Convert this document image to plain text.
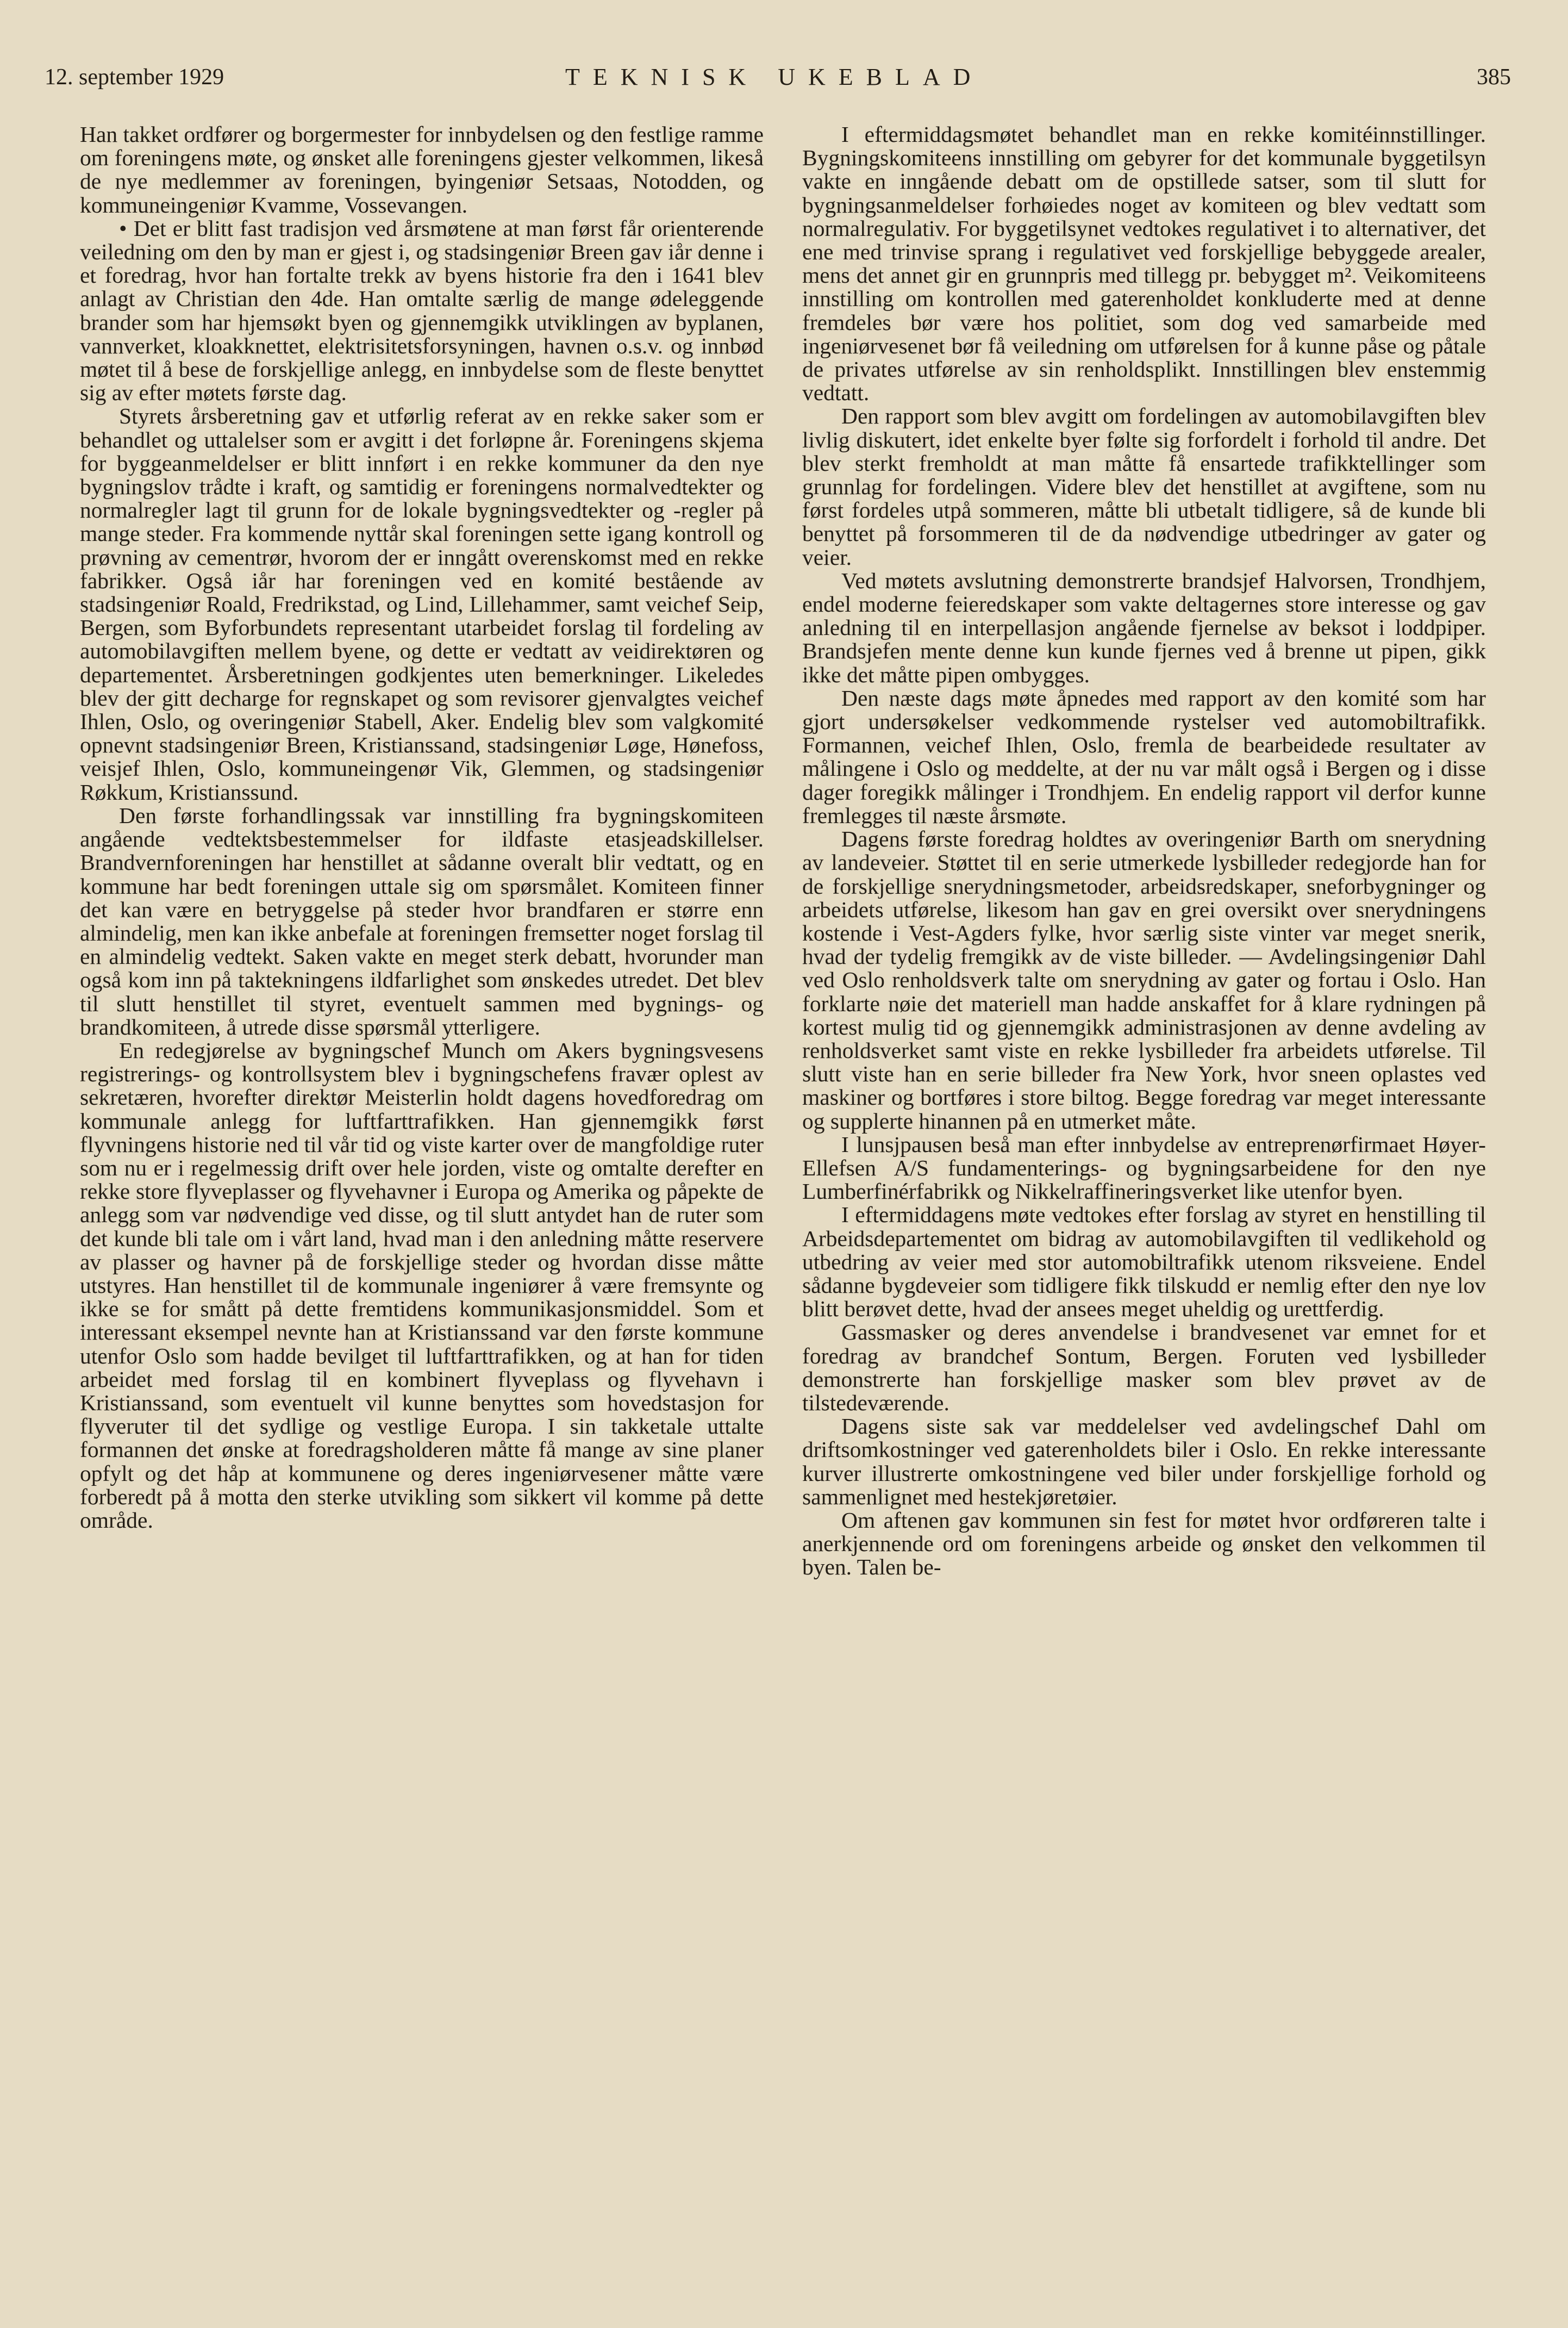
12. september 1929	TEKNISK UKEBLAD	385

Han takket ordfører og borgermester for innbydelsen og den festlige ramme om foreningens møte, og ønsket alle foreningens gjester velkommen, likeså de nye medlemmer av foreningen, byingeniør Setsaas, Notodden, og kommuneingeniør Kvamme, Vossevangen.

• Det er blitt fast tradisjon ved årsmøtene at man først får orienterende veiledning om den by man er gjest i, og stadsingeniør Breen gav iår denne i et foredrag, hvor han fortalte trekk av byens historie fra den i 1641 blev anlagt av Christian den 4de. Han omtalte særlig de mange ødeleggende brander som har hjemsøkt byen og gjennemgikk utviklingen av byplanen, vannverket, kloakknettet, elektrisitetsforsyningen, havnen o.s.v. og innbød møtet til å bese de forskjellige anlegg, en innbydelse som de fleste benyttet sig av efter møtets første dag.

Styrets årsberetning gav et utførlig referat av en rekke saker som er behandlet og uttalelser som er avgitt i det forløpne år. Foreningens skjema for byggeanmeldelser er blitt innført i en rekke kommuner da den nye bygningslov trådte i kraft, og samtidig er foreningens normalvedtekter og normalregler lagt til grunn for de lokale bygningsvedtekter og -regler på mange steder. Fra kommende nyttår skal foreningen sette igang kontroll og prøvning av cementrør, hvorom der er inngått overenskomst med en rekke fabrikker. Også iår har foreningen ved en komité bestående av stadsingeniør Roald, Fredrikstad, og Lind, Lillehammer, samt veichef Seip, Bergen, som Byforbundets representant utarbeidet forslag til fordeling av automobilavgiften mellem byene, og dette er vedtatt av veidirektøren og departementet. Årsberetningen godkjentes uten bemerkninger. Likeledes blev der gitt decharge for regnskapet og som revisorer gjenvalgtes veichef Ihlen, Oslo, og overingeniør Stabell, Aker. Endelig blev som valgkomité opnevnt stadsingeniør Breen, Kristianssand, stadsingeniør Løge, Hønefoss, veisjef Ihlen, Oslo, kommuneingenør Vik, Glemmen, og stadsingeniør Røkkum, Kristianssund.

Den første forhandlingssak var innstilling fra bygningskomiteen angående vedtektsbestemmelser for ildfaste etasjeadskillelser. Brandvernforeningen har henstillet at sådanne overalt blir vedtatt, og en kommune har bedt foreningen uttale sig om spørsmålet. Komiteen finner det kan være en betryggelse på steder hvor brandfaren er større enn almindelig, men kan ikke anbefale at foreningen fremsetter noget forslag til en almindelig vedtekt. Saken vakte en meget sterk debatt, hvorunder man også kom inn på taktekningens ildfarlighet som ønskedes utredet. Det blev til slutt henstillet til styret, eventuelt sammen med bygnings- og brandkomiteen, å utrede disse spørsmål ytterligere.

En redegjørelse av bygningschef Munch om Akers bygningsvesens registrerings- og kontrollsystem blev i bygningschefens fravær oplest av sekretæren, hvorefter direktør Meisterlin holdt dagens hovedforedrag om kommunale anlegg for luftfarttrafikken. Han gjennemgikk først flyvningens historie ned til vår tid og viste karter over de mangfoldige ruter som nu er i regelmessig drift over hele jorden, viste og omtalte derefter en rekke store flyveplasser og flyvehavner i Europa og Amerika og påpekte de anlegg som var nødvendige ved disse, og til slutt antydet han de ruter som det kunde bli tale om i vårt land, hvad man i den anledning måtte reservere av plasser og havner på de forskjellige steder og hvordan disse måtte utstyres. Han henstillet til de kommunale ingeniører å være fremsynte og ikke se for smått på dette fremtidens kommunikasjonsmiddel. Som et interessant eksempel nevnte han at Kristianssand var den første kommune utenfor Oslo som hadde bevilget til luftfarttrafikken, og at han for tiden arbeidet med forslag til en kombinert flyveplass og flyvehavn i Kristianssand, som eventuelt vil kunne benyttes som hovedstasjon for flyveruter til det sydlige og vestlige Europa. I sin takketale uttalte formannen det ønske at foredragsholderen måtte få mange av sine planer opfylt og det håp at kommunene og deres ingeniørvesener måtte være forberedt på å motta den sterke utvikling som sikkert vil komme på dette område.

I eftermiddagsmøtet behandlet man en rekke komitéinnstillinger. Bygningskomiteens innstilling om gebyrer for det kommunale byggetilsyn vakte en inngående debatt om de opstillede satser, som til slutt for bygningsanmeldelser forhøiedes noget av komiteen og blev vedtatt som normalregulativ. For byggetilsynet vedtokes regulativet i to alternativer, det ene med trinvise sprang i regulativet ved forskjellige bebyggede arealer, mens det annet gir en grunnpris med tillegg pr. bebygget m². Veikomiteens innstilling om kontrollen med gaterenholdet konkluderte med at denne fremdeles bør være hos politiet, som dog ved samarbeide med ingeniørvesenet bør få veiledning om utførelsen for å kunne påse og påtale de privates utførelse av sin renholdsplikt. Innstillingen blev enstemmig vedtatt.

Den rapport som blev avgitt om fordelingen av automobilavgiften blev livlig diskutert, idet enkelte byer følte sig forfordelt i forhold til andre. Det blev sterkt fremholdt at man måtte få ensartede trafikktellinger som grunnlag for fordelingen. Videre blev det henstillet at avgiftene, som nu først fordeles utpå sommeren, måtte bli utbetalt tidligere, så de kunde bli benyttet på forsommeren til de da nødvendige utbedringer av gater og veier.

Ved møtets avslutning demonstrerte brandsjef Halvorsen, Trondhjem, endel moderne feieredskaper som vakte deltagernes store interesse og gav anledning til en interpellasjon angående fjernelse av beksot i loddpiper. Brandsjefen mente denne kun kunde fjernes ved å brenne ut pipen, gikk ikke det måtte pipen ombygges.

Den næste dags møte åpnedes med rapport av den komité som har gjort undersøkelser vedkommende rystelser ved automobiltrafikk. Formannen, veichef Ihlen, Oslo, fremla de bearbeidede resultater av målingene i Oslo og meddelte, at der nu var målt også i Bergen og i disse dager foregikk målinger i Trondhjem. En endelig rapport vil derfor kunne fremlegges til næste årsmøte.

Dagens første foredrag holdtes av overingeniør Barth om snerydning av landeveier. Støttet til en serie utmerkede lysbilleder redegjorde han for de forskjellige snerydningsmetoder, arbeidsredskaper, sneforbygninger og arbeidets utførelse, likesom han gav en grei oversikt over snerydningens kostende i Vest-Agders fylke, hvor særlig siste vinter var meget snerik, hvad der tydelig fremgikk av de viste billeder. — Avdelingsingeniør Dahl ved Oslo renholdsverk talte om snerydning av gater og fortau i Oslo. Han forklarte nøie det materiell man hadde anskaffet for å klare rydningen på kortest mulig tid og gjennemgikk administrasjonen av denne avdeling av renholdsverket samt viste en rekke lysbilleder fra arbeidets utførelse. Til slutt viste han en serie billeder fra New York, hvor sneen oplastes ved maskiner og bortføres i store biltog. Begge foredrag var meget interessante og supplerte hinannen på en utmerket måte.

I lunsjpausen beså man efter innbydelse av entreprenørfirmaet Høyer-Ellefsen A/S fundamenterings- og bygningsarbeidene for den nye Lumberfinérfabrikk og Nikkelraffineringsverket like utenfor byen.

I eftermiddagens møte vedtokes efter forslag av styret en henstilling til Arbeidsdepartementet om bidrag av automobilavgiften til vedlikehold og utbedring av veier med stor automobiltrafikk utenom riksveiene. Endel sådanne bygdeveier som tidligere fikk tilskudd er nemlig efter den nye lov blitt berøvet dette, hvad der ansees meget uheldig og urettferdig.

Gassmasker og deres anvendelse i brandvesenet var emnet for et foredrag av brandchef Sontum, Bergen. Foruten ved lysbilleder demonstrerte han forskjellige masker som blev prøvet av de tilstedeværende.

Dagens siste sak var meddelelser ved avdelingschef Dahl om driftsomkostninger ved gaterenholdets biler i Oslo. En rekke interessante kurver illustrerte omkostningene ved biler under forskjellige forhold og sammenlignet med hestekjøretøier.

Om aftenen gav kommunen sin fest for møtet hvor ordføreren talte i anerkjennende ord om foreningens arbeide og ønsket den velkommen til byen. Talen be-
